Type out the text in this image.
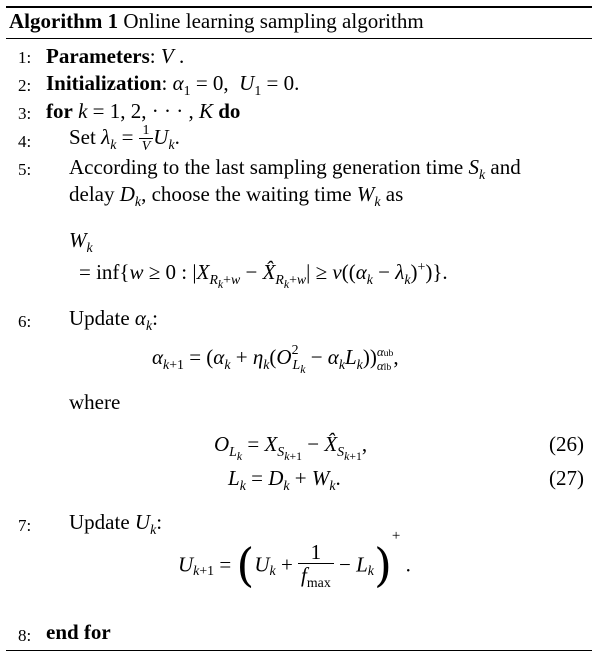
Algorithm 1 Online learning sampling algorithm
1: Parameters: V .
2: Initialization: $\alpha_1 = 0$,  $U_1 = 0$.
3: for k = 1, 2, · · · , K do
4:	Set $\lambda_k = \frac{1}{V} U_k$.
5:	According to the last sampling generation time $S_k$ and
delay $D_k$, choose the waiting time $W_k$ as
$W_k$
= inf{w ≥ 0 : $|X_{R_k+w}$ − $X̂_{R_k+w}| \ge v((\alpha_k - \lambda_k)^+)$}.
6:	Update $\alpha_k$:
$\alpha_{k+1} = (\alpha_k + \eta_k(O^2_{L_k} - \alpha_kL_k))$ αub
αlb ,
where
$O_{L_k} = X_{S_{k+1}}$ − $X̂_{S_{k+1}}$,	(26)
$L_k = D_k + W_k$.	(27)
7:	Update $U_k$:
$U_{k+1} = (U_k + \frac{1}{f_{max}} - L_k)^+$ .
8: end for
